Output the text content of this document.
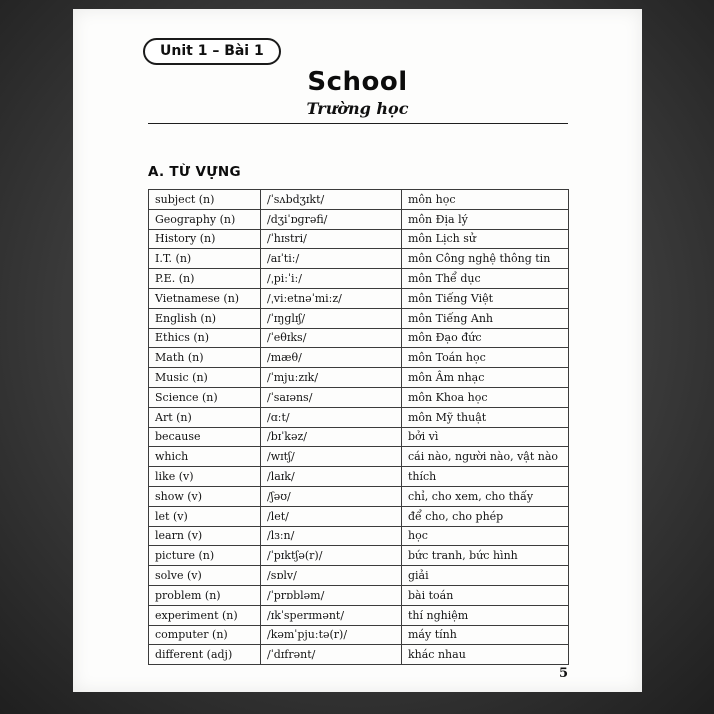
Unit 1 – Bài 1
School
Trường học
A. TỪ VỰNG
subject (n)	/ˈsʌbdʒɪkt/	môn học
Geography (n)	/dʒiˈɒɡrəfi/	môn Địa lý
History (n)	/ˈhɪstri/	môn Lịch sử
I.T. (n)	/aɪˈtiː/	môn Công nghệ thông tin
P.E. (n)	/ˌpiːˈiː/	môn Thể dục
Vietnamese (n)	/ˌviːetnəˈmiːz/	môn Tiếng Việt
English (n)	/ˈɪŋɡlɪʃ/	môn Tiếng Anh
Ethics (n)	/ˈeθɪks/	môn Đạo đức
Math (n)	/mæθ/	môn Toán học
Music (n)	/ˈmjuːzɪk/	môn Âm nhạc
Science (n)	/ˈsaɪəns/	môn Khoa học
Art (n)	/ɑːt/	môn Mỹ thuật
because	/bɪˈkəz/	bởi vì
which	/wɪtʃ/	cái nào, người nào, vật nào
like (v)	/laɪk/	thích
show (v)	/ʃəʊ/	chỉ, cho xem, cho thấy
let (v)	/let/	để cho, cho phép
learn (v)	/lɜːn/	học
picture (n)	/ˈpɪktʃə(r)/	bức tranh, bức hình
solve (v)	/sɒlv/	giải
problem (n)	/ˈprɒbləm/	bài toán
experiment (n)	/ɪkˈsperɪmənt/	thí nghiệm
computer (n)	/kəmˈpjuːtə(r)/	máy tính
different (adj)	/ˈdɪfrənt/	khác nhau
5
